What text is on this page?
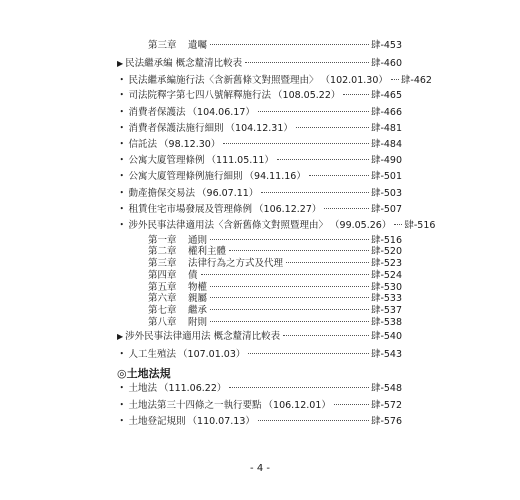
第三章 遺囑	肆-453
▶ 民法繼承編 概念釐清比較表	肆-460
・ 民法繼承編施行法〈含新舊條文對照暨理由〉 （102.01.30） 肆-462
・ 司法院釋字第七四八號解釋施行法 （108.05.22）	肆-465
・ 消費者保護法 （104.06.17）	肆-466
・ 消費者保護法施行細則 （104.12.31）	肆-481
・ 信託法 （98.12.30）	肆-484
・ 公寓大廈管理條例 （111.05.11）	肆-490
・ 公寓大廈管理條例施行細則 （94.11.16）	肆-501
・ 動產擔保交易法 （96.07.11）	肆-503
・ 租賃住宅市場發展及管理條例 （106.12.27）	肆-507
・ 涉外民事法律適用法〈含新舊條文對照暨理由〉 （99.05.26） 肆-516
第一章 通則	肆-516
第二章 權利主體	肆-520
第三章 法律行為之方式及代理	肆-523
第四章 債	肆-524
第五章 物權	肆-530
第六章 親屬	肆-533
第七章 繼承	肆-537
第八章 附則	肆-538
▶ 涉外民事法律適用法 概念釐清比較表	肆-540
・ 人工生殖法 （107.01.03）	肆-543
◎土地法規
・ 土地法 （111.06.22）	肆-548
・ 土地法第三十四條之一執行要點 （106.12.01）	肆-572
・ 土地登記規則 （110.07.13）	肆-576
- 4 -
